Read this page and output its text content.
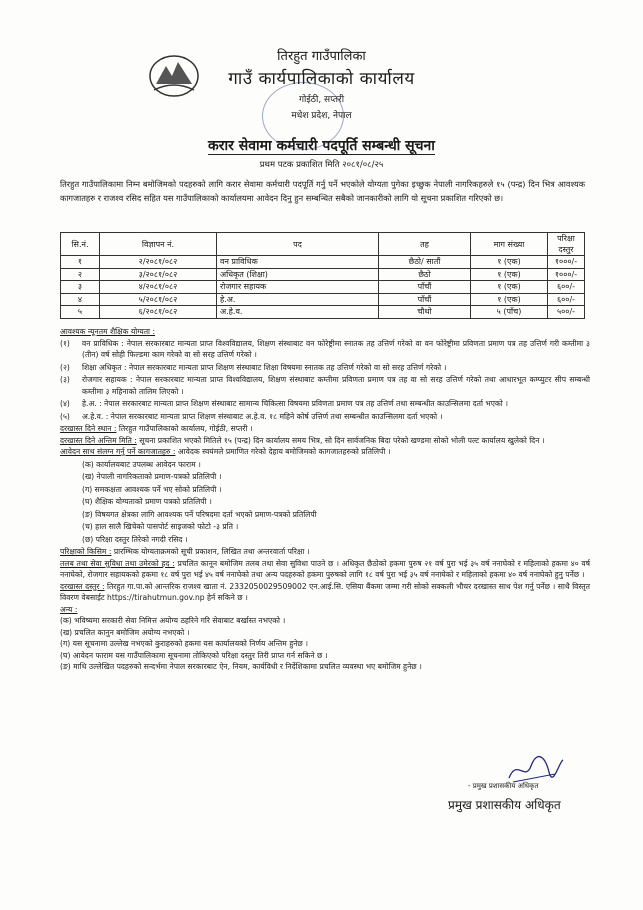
तिरहुत गाउँपालिका
गाउँ कार्यपालिकाको कार्यालय
गोईठी, सप्तरी
मधेश प्रदेश, नेपाल
करार सेवामा कर्मचारी पदपूर्ति सम्बन्धी सूचना
प्रथम पटक प्रकाशित मिति २०८१/०८/२५
तिरहुत गाउँपालिकामा निम्न बमोजिमको पदहरुको लागि करार सेवामा कर्मचारी पदपूर्ति गर्नु पर्ने भएकोले योग्यता पुगेका इच्छुक नेपाली नागरिकहरुले १५ (पन्द्र) दिन भित्र आवश्यक कागजातहरु र राजश्व रसिद सहित यस गाउँपालिकाको कार्यालयमा आवेदन दिनु हुन सम्बन्धित सबैको जानकारीको लागि यो सूचना प्रकाशित गरिएको छ।
सि.नं.	विज्ञापन नं.	पद	तह	माग संख्या	परिक्षा दस्तुर
१	२/२०८१/०८२	वन प्राविधिक	छैठो/ सातौं	१ (एक)	१०००/-
२	३/२०८१/०८२	अधिकृत (शिक्षा)	छैठो	१ (एक)	१०००/-
३	४/२०८१/०८२	रोजगार सहायक	पाँचौं	१ (एक)	६००/-
४	५/२०८१/०८२	हे.अ.	पाँचौं	१ (एक)	६००/-
५	६/२०८१/०८२	अ.हे.व.	चौथो	५ (पाँच)	५००/-
आवश्यक न्यूनतम शैक्षिक योग्यता :
(१)	वन प्राविधिक : नेपाल सरकारबाट मान्यता प्राप्त विश्वविद्यालय, शिक्षण संस्थाबाट वन फोरेष्ट्रीमा स्नातक तह उत्तिर्ण गरेको वा वन फोरेष्ट्रीमा प्रविणता प्रमाण पत्र तह उत्तिर्ण गरी कम्तीमा ३ (तीन) वर्ष सोही फिल्डमा काम गरेको वा सो सरह उत्तिर्ण गरेको ।
(२)	शिक्षा अधिकृत : नेपाल सरकारबाट मान्यता प्राप्त शिक्षण संस्थाबाट शिक्षा विषयमा स्नातक तह उत्तिर्ण गरेको वा सो सरह उत्तिर्ण गरेको ।
(३)	रोजगार सहायक : नेपाल सरकारबाट मान्यता प्राप्त विश्वविद्यालय, शिक्षण संस्थाबाट कम्तीमा प्रविणता प्रमाण पत्र तह वा सो सरह उत्तिर्ण गरेको तथा आधारभूत कम्प्युटर सीप सम्बन्धी कम्तीमा ३ महिनाको तालिम लिएको ।
(४)	हे.अ. : नेपाल सरकारबाट मान्यता प्राप्त शिक्षण संस्थाबाट सामान्य चिकित्सा विषयमा प्रविणता प्रमाण पत्र तह उत्तिर्ण तथा सम्बन्धीत काउन्सिलमा दर्ता भएको ।
(५)	अ.हे.व. : नेपाल सरकारबाट मान्यता प्राप्त शिक्षण संस्थाबाट अ.हे.व. १८ महिने कोर्ष उत्तिर्ण तथा सम्बन्धीत काउन्सिलमा दर्ता भएको ।
दरखास्त दिने स्थान : तिरहुत गाउँपालिकाको कार्यालय, गोईठी, सप्तरी ।
दरखास्त दिने अन्तिम मिति : सूचना प्रकाशित भएको मितिले १५ (पन्द्र) दिन कार्यालय समय भित्र, सो दिन सार्वजनिक बिदा परेको खण्डमा सोको भोली पल्ट कार्यालय खुलेको दिन ।
आवेदन साथ संलग्न गर्नु पर्ने कागजातहरु : आवेदक स्वयंमले प्रमाणित गरेको देहाय बमोजिमको कागजातहरुको प्रतिलिपी ।
(क) कार्यालयबाट उपलब्ध आवेदन फाराम ।
(ख) नेपाली नागरिकताको प्रमाण-पत्रको प्रतिलिपी ।
(ग) समकक्षता आवश्यक पर्ने भए सोको प्रतिलिपी ।
(घ) शैक्षिक योग्यताको प्रमाण पत्रको प्रतिलिपी ।
(ङ) विषयगत क्षेत्रका लागि आवश्यक पर्ने परिषदमा दर्ता भएको प्रमाण-पत्रको प्रतिलिपी
(च) हाल सालै खिचेको पासपोर्ट साइजको फोटो -३ प्रति ।
(छ) परिक्षा दस्तुर तिरेको नगदी रसिद ।
परिक्षाको किसिम : प्रारम्भिक योग्यताक्रमको सूची प्रकाशन, लिखित तथा अन्तरवार्ता परिक्षा ।
तलब तथा सेवा सुविधा तथा उमेरको हद : प्रचलित कानून बमोजिम तलब तथा सेवा सुविधा पाउने छ । अधिकृत छैठोको हकमा पुरुष २१ वर्ष पुरा भई ३५ वर्ष ननाघेको र महिलाको हकमा ४० वर्ष ननाघेको, रोजगार सहायकको हकमा १८ वर्ष पुरा भई ४५ वर्ष ननाघेको तथा अन्य पदहरुको हकमा पुरुषको लागि १८ वर्ष पुरा भई ३५ वर्ष ननाघेको र महिलाको हकमा ४० वर्ष ननाघेको हुनु पर्नेछ ।
दरखास्त दस्तुर : तिरहुत गा.पा.को आन्तरिक राजश्व खाता नं. 2332050029509002 एन.आई.सि. एसिया बैंकमा जम्मा गरी सोको सक्कली भौचर दरखास्त साथ पेश गर्नु पर्नेछ । साथै विस्तृत विवरण वेबसाईट https://tirahutmun.gov.np हेर्न सकिने छ ।
अन्य :
(क) भविष्यमा सरकारी सेवा निमित्त अयोग्य ठहरिने गरि सेवाबाट बर्खास्त नभएको ।
(ख) प्रचलित कानुन बमोजिम अयोग्य नभएको ।
(ग) यस सूचनामा उल्लेख नभएको कुराहरुको हकमा यस कार्यालयको निर्णय अन्तिम हुनेछ ।
(घ) आवेदन फाराम यस गाउँपालिकामा सूचनामा तोकिएको परिक्षा दस्तुर तिरी प्राप्त गर्न सकिने छ ।
(ङ) माथि उल्लेखित पदहरुको सन्दर्भमा नेपाल सरकारबाट ऐन, नियम, कार्यविधी र निर्देशिकामा प्रचलित व्यवस्था भए बमोजिम हुनेछ ।
- प्रमुख प्रशासकीय अधिकृत
प्रमुख प्रशासकीय अधिकृत
